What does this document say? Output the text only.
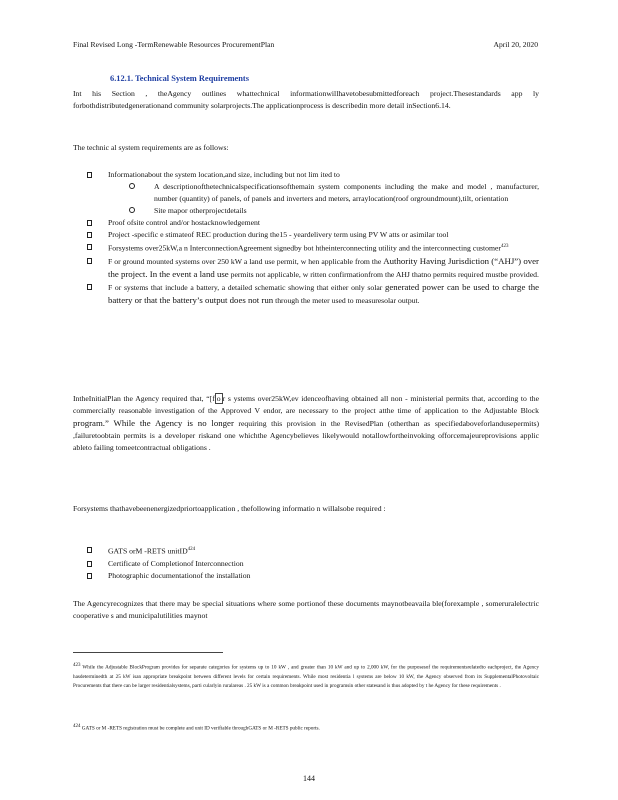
Final Revised Long -TermRenewable Resources ProcurementPlan	April 20, 2020
6.12.1. Technical System Requirements
Int his Section , theAgency outlines whattechnical informationwillhavetobesubmittedforeach project.Thesestandards app ly forbothdistributedgenerationand community solarprojects.The applicationprocess is describedin more detail inSection6.14.
The technic al system requirements are as follows:

Informationabout the system location,and size, including but not lim ited to

A descriptionofthetechnicalspecificationsofthemain system components including the make and model , manufacturer, number (quantity) of panels, of panels and inverters and meters, arraylocation(roof orgroundmount),tilt, orientation

Site mapor otherprojectdetails

Proof ofsite control and/or hostacknowledgement

Project -specific e stimateof REC production during the15 - yeardelivery term using PV W atts or asimilar tool

Forsystems over25kW,a n InterconnectionAgreement signedby bot htheinterconnecting utility and the interconnecting customer$^{423}$

F or ground mounted systems over 250 kW a land use permit, w hen applicable from the Authority Having Jurisdiction (“AHJ”) over the project. In the event a land use permits not applicable, w ritten confirmationfrom the AHJ thatno permits required mustbe provided.

F or systems that include a battery, a detailed schematic showing that either only solar generated power can be used to charge the battery or that the battery’s output does not run through the meter used to measuresolar output.

IntheInitialPlan the Agency required that, “[f o r s ystems over25kW,ev idenceofhaving obtained all non - ministerial permits that, according to the commercially reasonable investigation of the Approved V endor, are necessary to the project atthe time of application to the Adjustable Block program.” While the Agency is no longer requiring this provision in the RevisedPlan (otherthan as specifiedaboveforlandusepermits) ,failuretoobtain permits is a developer riskand one whichthe Agencybelieves likelywould notallowfortheinvoking offorcemajeureprovisions applic ableto failing tomeetcontractual obligations .
Forsystems thathavebeenenergizedpriortoapplication , thefollowing informatio n willalsobe required :

GATS orM -RETS unitID$^{424}$

Certificate of Completionof Interconnection

Photographic documentationof the installation

The Agencyrecognizes that there may be special situations where some portionof these documents maynotbeavaila ble(forexample , someruralelectric cooperative s and municipalutilities maynot
423 While the Adjustable BlockProgram provides for separate categories for systems up to 10 kW , and greater than 10 kW and up to 2,000 kW, for the purposesof the requirementsrelatedto eachproject, the Agency hasdeterminedth at 25 kW isan appropriate breakpoint between different levels for certain requirements. While most residentia l systems are below 10 kW, the Agency observed from its SupplementalPhotovoltaic Procurements that there can be larger residentialsystems, parti cularlyin ruralareas . 25 kW is a common breakpoint used in programsin other statesand is thus adopted by t he Agency for these requirements .
424 GATS or M -RETS registration must be complete and unit ID verifiable throughGATS or M -RETS public reports.
144
